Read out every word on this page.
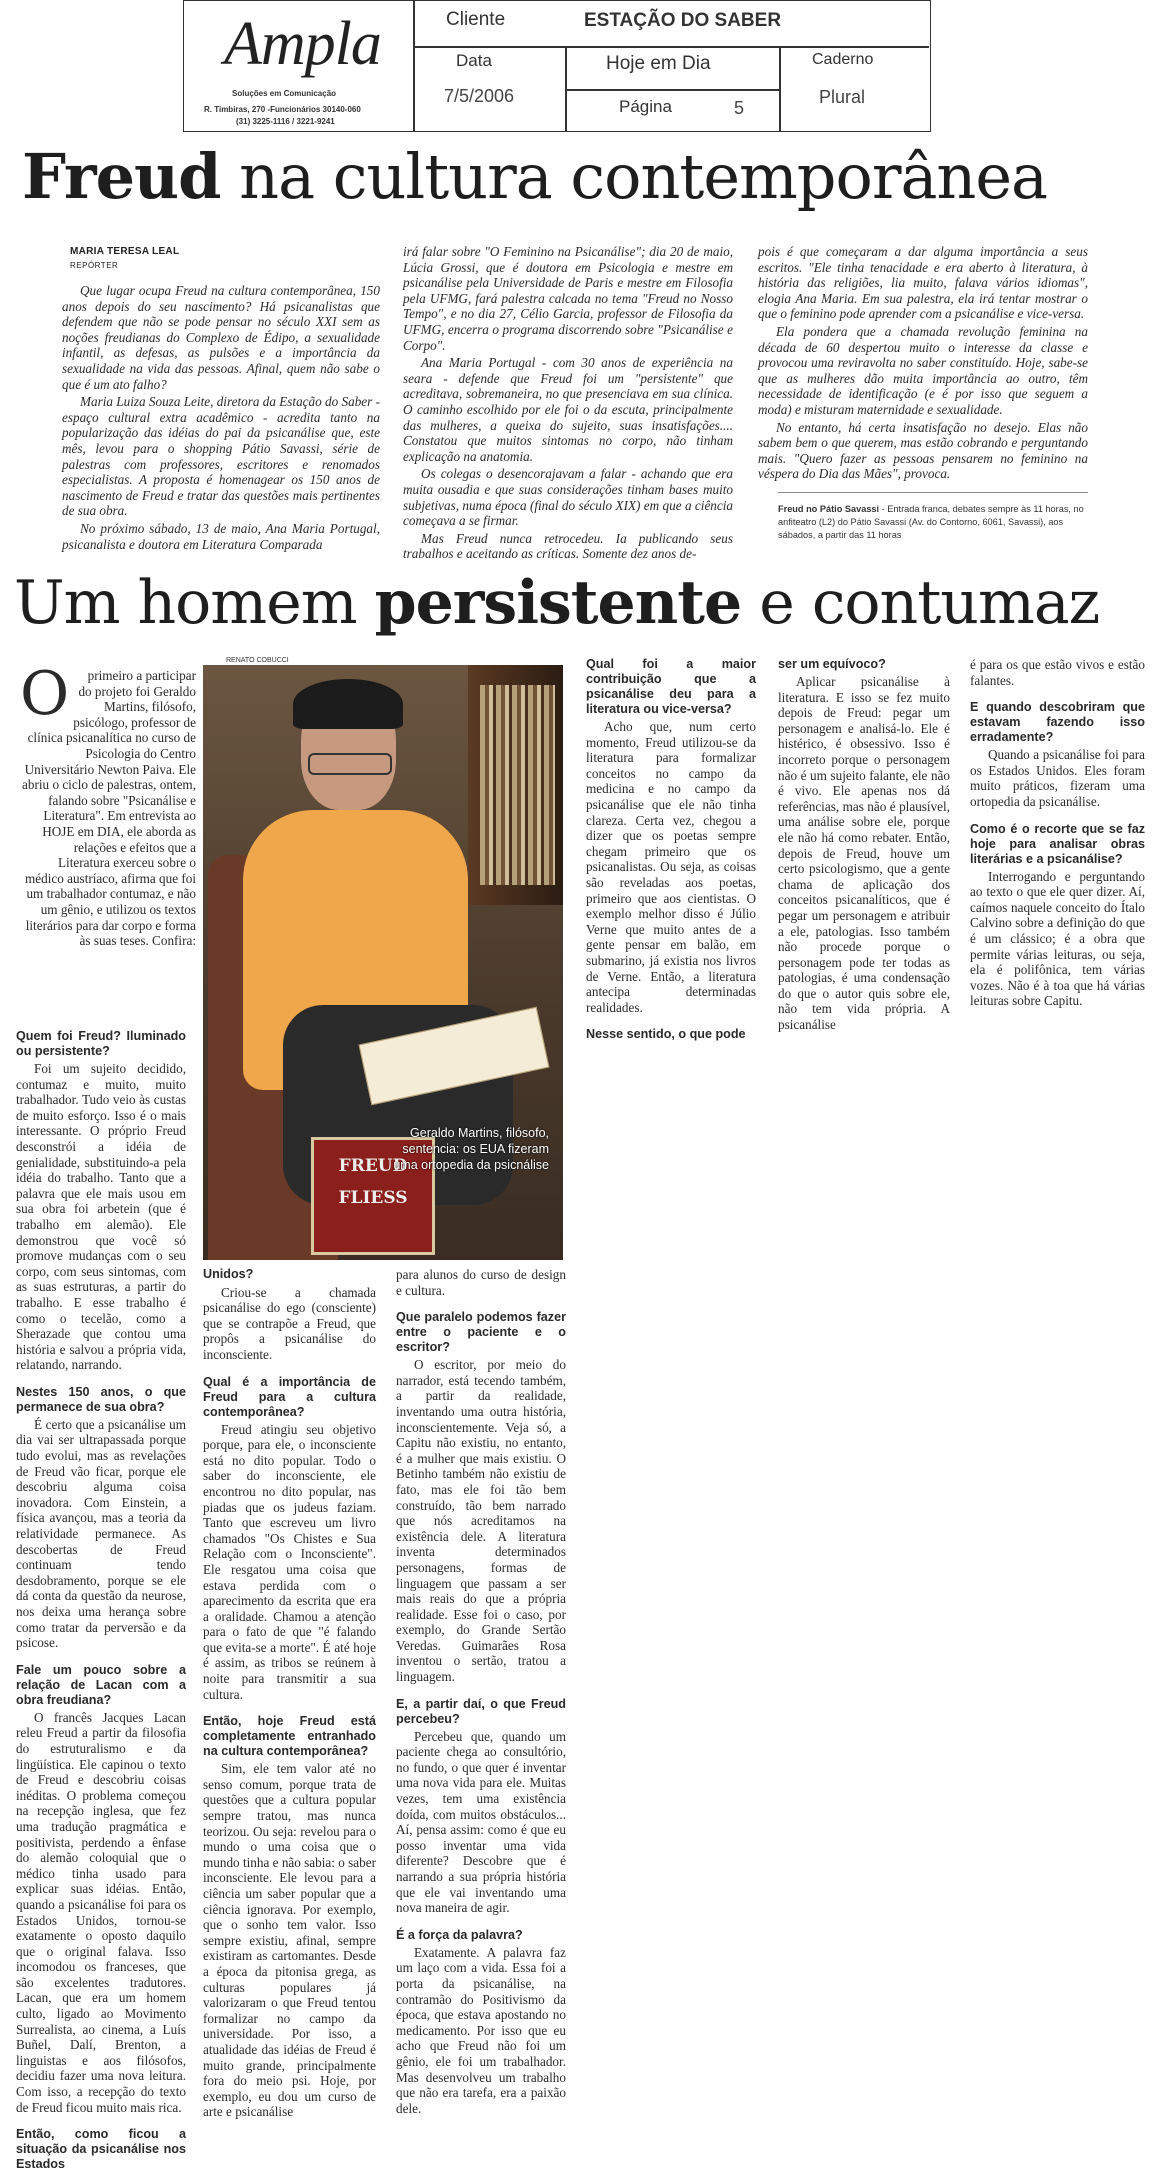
Ampla
Soluções em Comunicação
R. Timbiras, 270 -Funcionários 30140-060
(31) 3225-1116 / 3221-9241
Cliente	ESTAÇÃO DO SABER
Data
7/5/2006
Hoje em Dia
Página	5
Caderno
Plural
Freud na cultura contemporânea
MARIA TERESA LEAL
REPÓRTER

Que lugar ocupa Freud na cultura contemporânea, 150 anos depois do seu nascimento? Há psicanalistas que defendem que não se pode pensar no século XXI sem as noções freudianas do Complexo de Édipo, a sexualidade infantil, as defesas, as pulsões e a importância da sexualidade na vida das pessoas. Afinal, quem não sabe o que é um ato falho?

Maria Luiza Souza Leite, diretora da Estação do Saber - espaço cultural extra acadêmico - acredita tanto na popularização das idéias do pai da psicanálise que, este mês, levou para o shopping Pátio Savassi, série de palestras com professores, escritores e renomados especialistas. A proposta é homenagear os 150 anos de nascimento de Freud e tratar das questões mais pertinentes de sua obra.

No próximo sábado, 13 de maio, Ana Maria Portugal, psicanalista e doutora em Literatura Comparada

irá falar sobre "O Feminino na Psicanálise"; dia 20 de maio, Lúcia Grossi, que é doutora em Psicologia e mestre em psicanálise pela Universidade de Paris e mestre em Filosofia pela UFMG, fará palestra calcada no tema "Freud no Nosso Tempo", e no dia 27, Célio Garcia, professor de Filosofia da UFMG, encerra o programa discorrendo sobre "Psicanálise e Corpo".

Ana Maria Portugal - com 30 anos de experiência na seara - defende que Freud foi um "persistente" que acreditava, sobremaneira, no que presenciava em sua clínica. O caminho escolhido por ele foi o da escuta, principalmente das mulheres, a queixa do sujeito, suas insatisfações.... Constatou que muitos sintomas no corpo, não tinham explicação na anatomia.

Os colegas o desencorajavam a falar - achando que era muita ousadia e que suas considerações tinham bases muito subjetivas, numa época (final do século XIX) em que a ciência começava a se firmar.

Mas Freud nunca retrocedeu. Ia publicando seus trabalhos e aceitando as críticas. Somente dez anos de-

pois é que começaram a dar alguma importância a seus escritos. "Ele tinha tenacidade e era aberto à literatura, à história das religiões, lia muito, falava vários idiomas", elogia Ana Maria. Em sua palestra, ela irá tentar mostrar o que o feminino pode aprender com a psicanálise e vice-versa.

Ela pondera que a chamada revolução feminina na década de 60 despertou muito o interesse da classe e provocou uma reviravolta no saber constituído. Hoje, sabe-se que as mulheres dão muita importância ao outro, têm necessidade de identificação (e é por isso que seguem a moda) e misturam maternidade e sexualidade.

No entanto, há certa insatisfação no desejo. Elas não sabem bem o que querem, mas estão cobrando e perguntando mais. "Quero fazer as pessoas pensarem no feminino na véspera do Dia das Mães", provoca.

Freud no Pátio Savassi - Entrada franca, debates sempre às 11 horas, no anfiteatro (L2) do Pátio Savassi (Av. do Contorno, 6061, Savassi), aos sábados, a partir das 11 horas
Um homem persistente e contumaz
O primeiro a participar do projeto foi Geraldo Martins, filósofo, psicólogo, professor de clínica psicanalítica no curso de Psicologia do Centro Universitário Newton Paiva. Ele abriu o ciclo de palestras, ontem, falando sobre "Psicanálise e Literatura". Em entrevista ao HOJE em DIA, ele aborda as relações e efeitos que a Literatura exerceu sobre o médico austríaco, afirma que foi um trabalhador contumaz, e não um gênio, e utilizou os textos literários para dar corpo e forma às suas teses. Confira:
RENATO COBUCCI
FREUD
FLIESS
Geraldo Martins, filósofo, sentencia: os EUA fizeram uma ortopedia da psicnálise
Quem foi Freud? Iluminado ou persistente?

Foi um sujeito decidido, contumaz e muito, muito trabalhador. Tudo veio às custas de muito esforço. Isso é o mais interessante. O próprio Freud desconstrói a idéia de genialidade, substituindo-a pela idéia do trabalho. Tanto que a palavra que ele mais usou em sua obra foi arbetein (que é trabalho em alemão). Ele demonstrou que você só promove mudanças com o seu corpo, com seus sintomas, com as suas estruturas, a partir do trabalho. E esse trabalho é como o tecelão, como a Sherazade que contou uma história e salvou a própria vida, relatando, narrando.

Nestes 150 anos, o que permanece de sua obra?

É certo que a psicanálise um dia vai ser ultrapassada porque tudo evolui, mas as revelações de Freud vão ficar, porque ele descobriu alguma coisa inovadora. Com Einstein, a física avançou, mas a teoria da relatividade permanece. As descobertas de Freud continuam tendo desdobramento, porque se ele dá conta da questão da neurose, nos deixa uma herança sobre como tratar da perversão e da psicose.

Fale um pouco sobre a relação de Lacan com a obra freudiana?

O francês Jacques Lacan releu Freud a partir da filosofia do estruturalismo e da lingüística. Ele capinou o texto de Freud e descobriu coisas inéditas. O problema começou na recepção inglesa, que fez uma tradução pragmática e positivista, perdendo a ênfase do alemão coloquial que o médico tinha usado para explicar suas idéias. Então, quando a psicanálise foi para os Estados Unidos, tornou-se exatamente o oposto daquilo que o original falava. Isso incomodou os franceses, que são excelentes tradutores. Lacan, que era um homem culto, ligado ao Movimento Surrealista, ao cinema, a Luís Buñel, Dalí, Brenton, a linguistas e aos filósofos, decidiu fazer uma nova leitura. Com isso, a recepção do texto de Freud ficou muito mais rica.

Então, como ficou a situação da psicanálise nos Estados

Unidos?

Criou-se a chamada psicanálise do ego (consciente) que se contrapõe a Freud, que propôs a psicanálise do inconsciente.

Qual é a importância de Freud para a cultura contemporânea?

Freud atingiu seu objetivo porque, para ele, o inconsciente está no dito popular. Todo o saber do inconsciente, ele encontrou no dito popular, nas piadas que os judeus faziam. Tanto que escreveu um livro chamados "Os Chistes e Sua Relação com o Inconsciente". Ele resgatou uma coisa que estava perdida com o aparecimento da escrita que era a oralidade. Chamou a atenção para o fato de que "é falando que evita-se a morte". É até hoje é assim, as tribos se reúnem à noite para transmitir a sua cultura.

Então, hoje Freud está completamente entranhado na cultura contemporânea?

Sim, ele tem valor até no senso comum, porque trata de questões que a cultura popular sempre tratou, mas nunca teorizou. Ou seja: revelou para o mundo o uma coisa que o mundo tinha e não sabia: o saber inconsciente. Ele levou para a ciência um saber popular que a ciência ignorava. Por exemplo, que o sonho tem valor. Isso sempre existiu, afinal, sempre existiram as cartomantes. Desde a época da pitonisa grega, as culturas populares já valorizaram o que Freud tentou formalizar no campo da universidade. Por isso, a atualidade das idéias de Freud é muito grande, principalmente fora do meio psi. Hoje, por exemplo, eu dou um curso de arte e psicanálise

para alunos do curso de design e cultura.

Que paralelo podemos fazer entre o paciente e o escritor?

O escritor, por meio do narrador, está tecendo também, a partir da realidade, inventando uma outra história, inconscientemente. Veja só, a Capitu não existiu, no entanto, é a mulher que mais existiu. O Betinho também não existiu de fato, mas ele foi tão bem construído, tão bem narrado que nós acreditamos na existência dele. A literatura inventa determinados personagens, formas de linguagem que passam a ser mais reais do que a própria realidade. Esse foi o caso, por exemplo, do Grande Sertão Veredas. Guimarães Rosa inventou o sertão, tratou a linguagem.

E, a partir daí, o que Freud percebeu?

Percebeu que, quando um paciente chega ao consultório, no fundo, o que quer é inventar uma nova vida para ele. Muitas vezes, tem uma existência doída, com muitos obstáculos... Aí, pensa assim: como é que eu posso inventar uma vida diferente? Descobre que é narrando a sua própria história que ele vai inventando uma nova maneira de agir.

É a força da palavra?

Exatamente. A palavra faz um laço com a vida. Essa foi a porta da psicanálise, na contramão do Positivismo da época, que estava apostando no medicamento. Por isso que eu acho que Freud não foi um gênio, ele foi um trabalhador. Mas desenvolveu um trabalho que não era tarefa, era a paixão dele.

Qual foi a maior contribuição que a psicanálise deu para a literatura ou vice-versa?

Acho que, num certo momento, Freud utilizou-se da literatura para formalizar conceitos no campo da medicina e no campo da psicanálise que ele não tinha clareza. Certa vez, chegou a dizer que os poetas sempre chegam primeiro que os psicanalistas. Ou seja, as coisas são reveladas aos poetas, primeiro que aos cientistas. O exemplo melhor disso é Júlio Verne que muito antes de a gente pensar em balão, em submarino, já existia nos livros de Verne. Então, a literatura antecipa determinadas realidades.

Nesse sentido, o que pode
ser um equívoco?

Aplicar psicanálise à literatura. E isso se fez muito depois de Freud: pegar um personagem e analisá-lo. Ele é histérico, é obsessivo. Isso é incorreto porque o personagem não é um sujeito falante, ele não é vivo. Ele apenas nos dá referências, mas não é plausível, uma análise sobre ele, porque ele não há como rebater. Então, depois de Freud, houve um certo psicologismo, que a gente chama de aplicação dos conceitos psicanalíticos, que é pegar um personagem e atribuir a ele, patologias. Isso também não procede porque o personagem pode ter todas as patologias, é uma condensação do que o autor quis sobre ele, não tem vida própria. A psicanálise

é para os que estão vivos e estão falantes.

E quando descobriram que estavam fazendo isso erradamente?

Quando a psicanálise foi para os Estados Unidos. Eles foram muito práticos, fizeram uma ortopedia da psicanálise.

Como é o recorte que se faz hoje para analisar obras literárias e a psicanálise?

Interrogando e perguntando ao texto o que ele quer dizer. Aí, caímos naquele conceito do Ítalo Calvino sobre a definição do que é um clássico; é a obra que permite várias leituras, ou seja, ela é polifônica, tem várias vozes. Não é à toa que há várias leituras sobre Capitu.
